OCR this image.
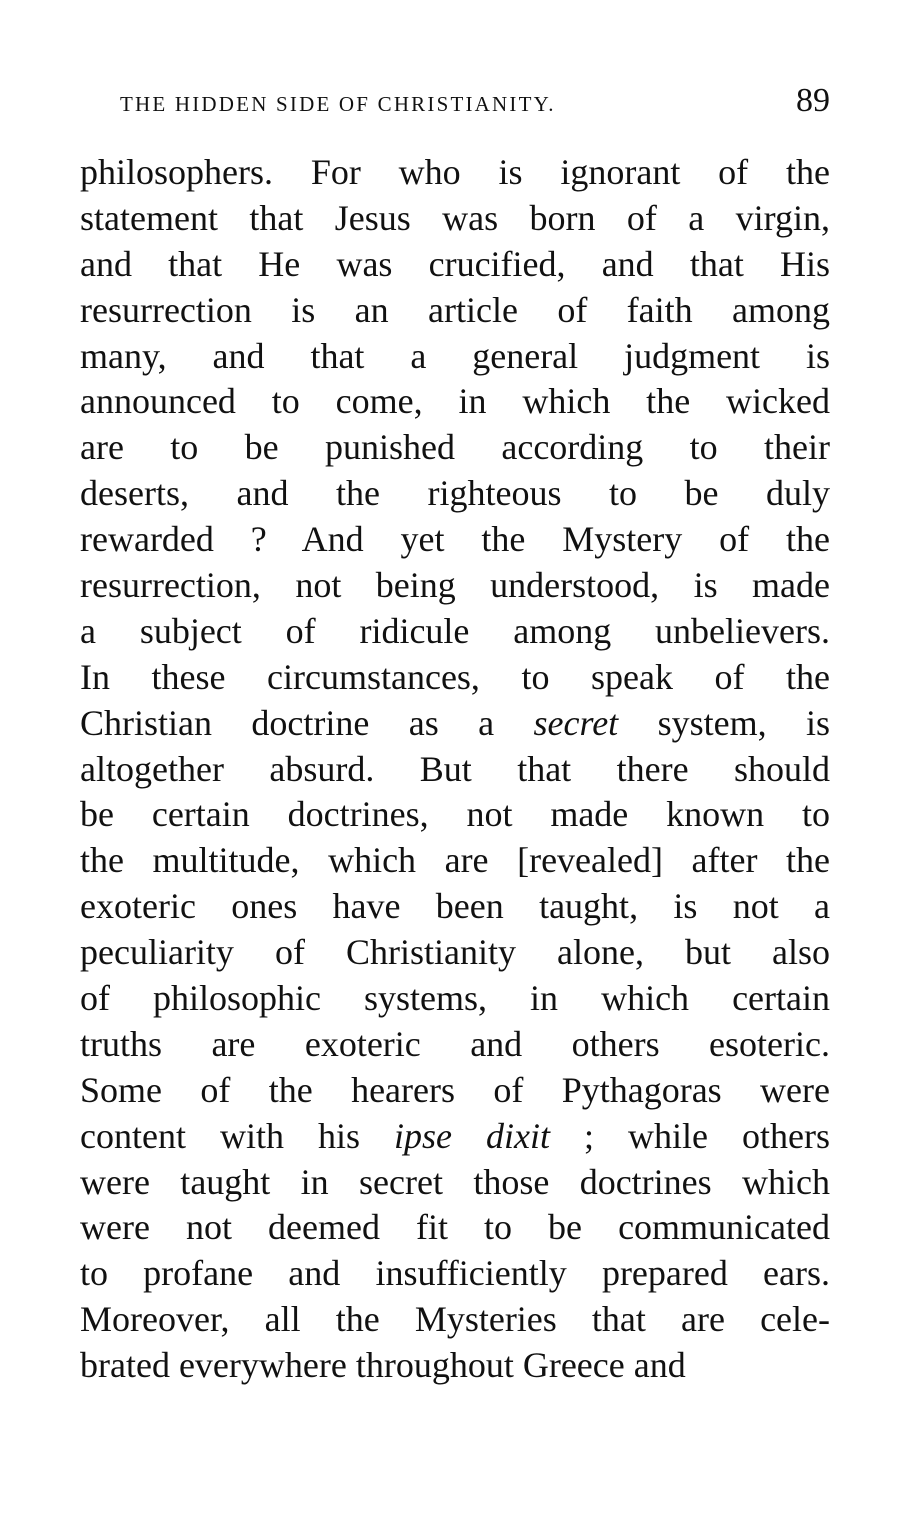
THE HIDDEN SIDE OF CHRISTIANITY.	89
philosophers. For who is ignorant of the
statement that Jesus was born of a virgin,
and that He was crucified, and that His
resurrection is an article of faith among
many, and that a general judgment is
announced to come, in which the wicked
are to be punished according to their
deserts, and the righteous to be duly
rewarded ? And yet the Mystery of the
resurrection, not being understood, is made
a subject of ridicule among unbelievers.
In these circumstances, to speak of the
Christian doctrine as a secret system, is
altogether absurd. But that there should
be certain doctrines, not made known to
the multitude, which are [revealed] after the
exoteric ones have been taught, is not a
peculiarity of Christianity alone, but also
of philosophic systems, in which certain
truths are exoteric and others esoteric.
Some of the hearers of Pythagoras were
content with his ipse dixit ; while others
were taught in secret those doctrines which
were not deemed fit to be communicated
to profane and insufficiently prepared ears.
Moreover, all the Mysteries that are cele-
brated everywhere throughout Greece and
